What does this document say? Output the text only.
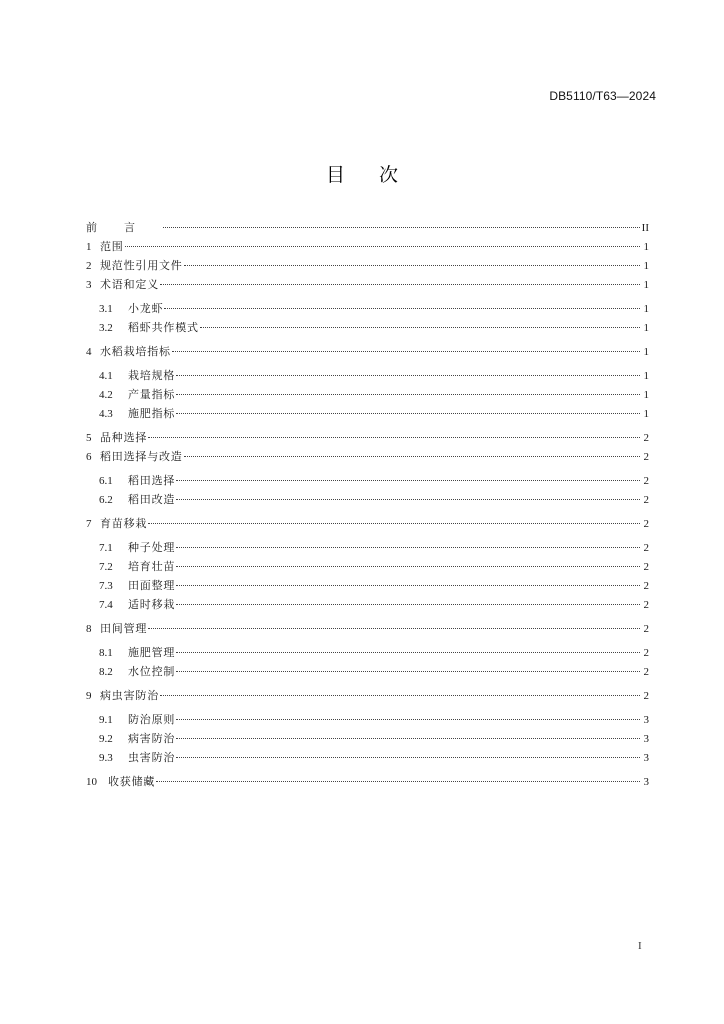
DB5110/T63—2024
目次
前言	II
1 范围	1
2 规范性引用文件	1
3 术语和定义	1
3.1	小龙虾	1
3.2	稻虾共作模式	1
4 水稻栽培指标	1
4.1	栽培规格	1
4.2	产量指标	1
4.3	施肥指标	1
5 品种选择	2
6 稻田选择与改造	2
6.1	稻田选择	2
6.2	稻田改造	2
7 育苗移栽	2
7.1	种子处理	2
7.2	培育壮苗	2
7.3	田面整理	2
7.4	适时移栽	2
8 田间管理	2
8.1	施肥管理	2
8.2	水位控制	2
9 病虫害防治	2
9.1	防治原则	3
9.2	病害防治	3
9.3	虫害防治	3
10	收获储藏	3
I
